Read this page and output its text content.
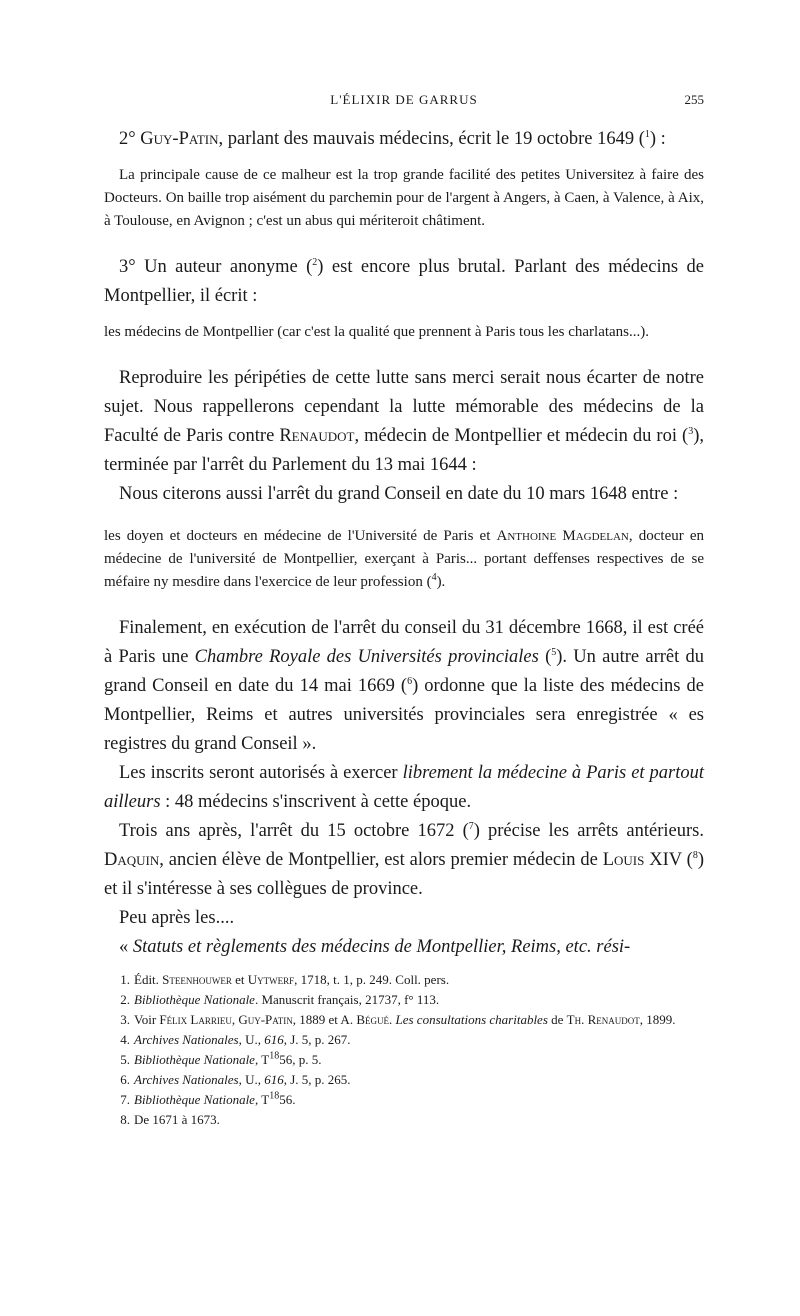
L'ÉLIXIR DE GARRUS	255

2° Guy-Patin, parlant des mauvais médecins, écrit le 19 octobre 1649 ($^1$) :

La principale cause de ce malheur est la trop grande facilité des petites Universitez à faire des Docteurs. On baille trop aisément du parchemin pour de l'argent à Angers, à Caen, à Valence, à Aix, à Toulouse, en Avignon ; c'est un abus qui mériteroit châtiment.

3° Un auteur anonyme ($^2$) est encore plus brutal. Parlant des médecins de Montpellier, il écrit :

les médecins de Montpellier (car c'est la qualité que prennent à Paris tous les charlatans...).

Reproduire les péripéties de cette lutte sans merci serait nous écarter de notre sujet. Nous rappellerons cependant la lutte mémorable des médecins de la Faculté de Paris contre Renaudot, médecin de Montpellier et médecin du roi ($^3$), terminée par l'arrêt du Parlement du 13 mai 1644 :

Nous citerons aussi l'arrêt du grand Conseil en date du 10 mars 1648 entre :

les doyen et docteurs en médecine de l'Université de Paris et Anthoine Magdelan, docteur en médecine de l'université de Montpellier, exerçant à Paris... portant deffenses respectives de se méfaire ny mesdire dans l'exercice de leur profession ($^4$).

Finalement, en exécution de l'arrêt du conseil du 31 décembre 1668, il est créé à Paris une Chambre Royale des Universités provinciales ($^5$). Un autre arrêt du grand Conseil en date du 14 mai 1669 ($^6$) ordonne que la liste des médecins de Montpellier, Reims et autres universités provinciales sera enregistrée « es registres du grand Conseil ».

Les inscrits seront autorisés à exercer librement la médecine à Paris et partout ailleurs : 48 médecins s'inscrivent à cette époque.

Trois ans après, l'arrêt du 15 octobre 1672 ($^7$) précise les arrêts antérieurs. Daquin, ancien élève de Montpellier, est alors premier médecin de Louis XIV ($^8$) et il s'intéresse à ses collègues de province.

Peu après les....

« Statuts et règlements des médecins de Montpellier, Reims, etc. rési-

1. Édit. Steenhouwer et Uytwerf, 1718, t. 1, p. 249. Coll. pers.
2. Bibliothèque Nationale. Manuscrit français, 21737, f° 113.
3. Voir Félix Larrieu, Guy-Patin, 1889 et A. Bégué. Les consultations charitables de Th. Renaudot, 1899.
4. Archives Nationales, U., 616, J. 5, p. 267.
5. Bibliothèque Nationale, $T^{18}56$, p. 5.
6. Archives Nationales, U., 616, J. 5, p. 265.
7. Bibliothèque Nationale, $T^{18}56$.
8. De 1671 à 1673.
